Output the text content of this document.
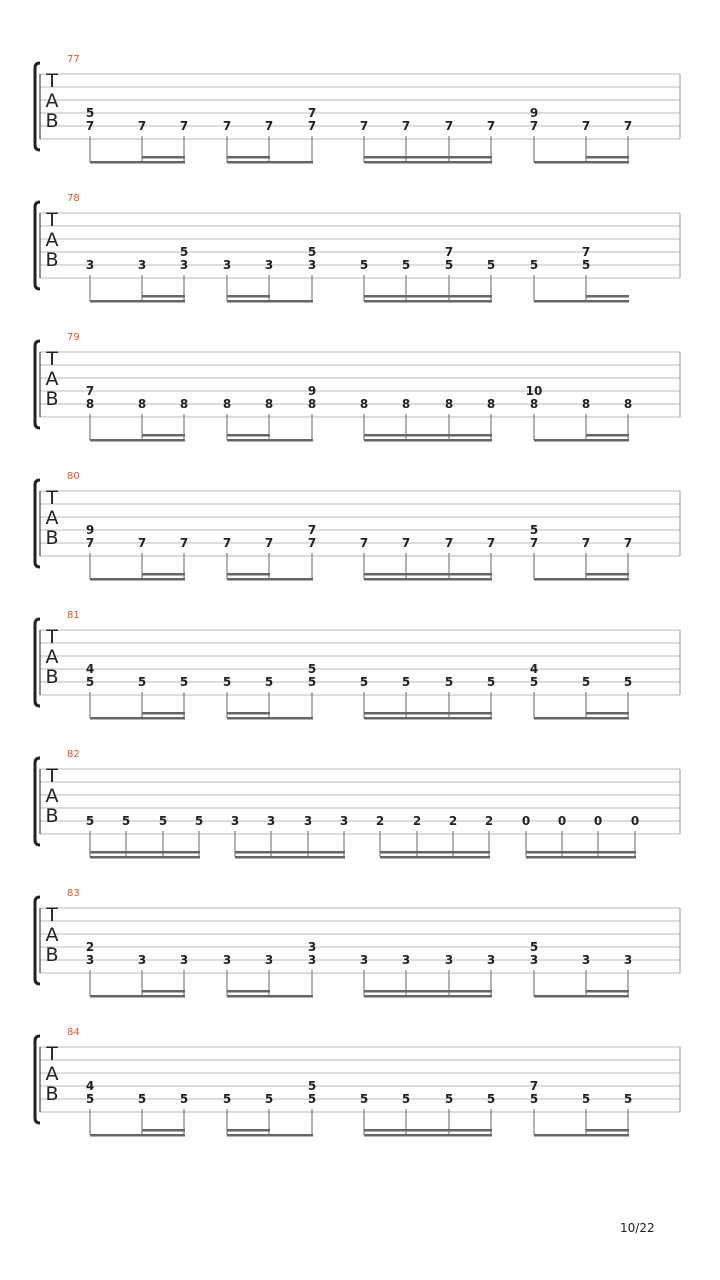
77
T
A
B 5
7	7	7	7	7
7
7	7	7	7	7
9
7	7	7
78
T
A
B 3	3
5
3	3	3
5
3	5	5
7
5	5	5
7
5
79
T
A
B 7
8	8	8	8	8
9
8	8	8	8	8
10
8	8	8
80
T
A
B 9
7	7	7	7	7
7
7	7	7	7	7
5
7	7	7
81
T
A
B 4
5	5	5	5	5
5
5	5	5	5	5
4
5	5	5
82
T
A
B 5 5 5 5 3 3 3 3 2 2 2 2 0 0 0 0
83
T
A
B 2
3	3	3	3	3
3
3	3	3	3	3
5
3	3	3
84
T
A
B 4
5	5	5	5	5
5
5	5	5	5	5
7
5	5	5
10/22
